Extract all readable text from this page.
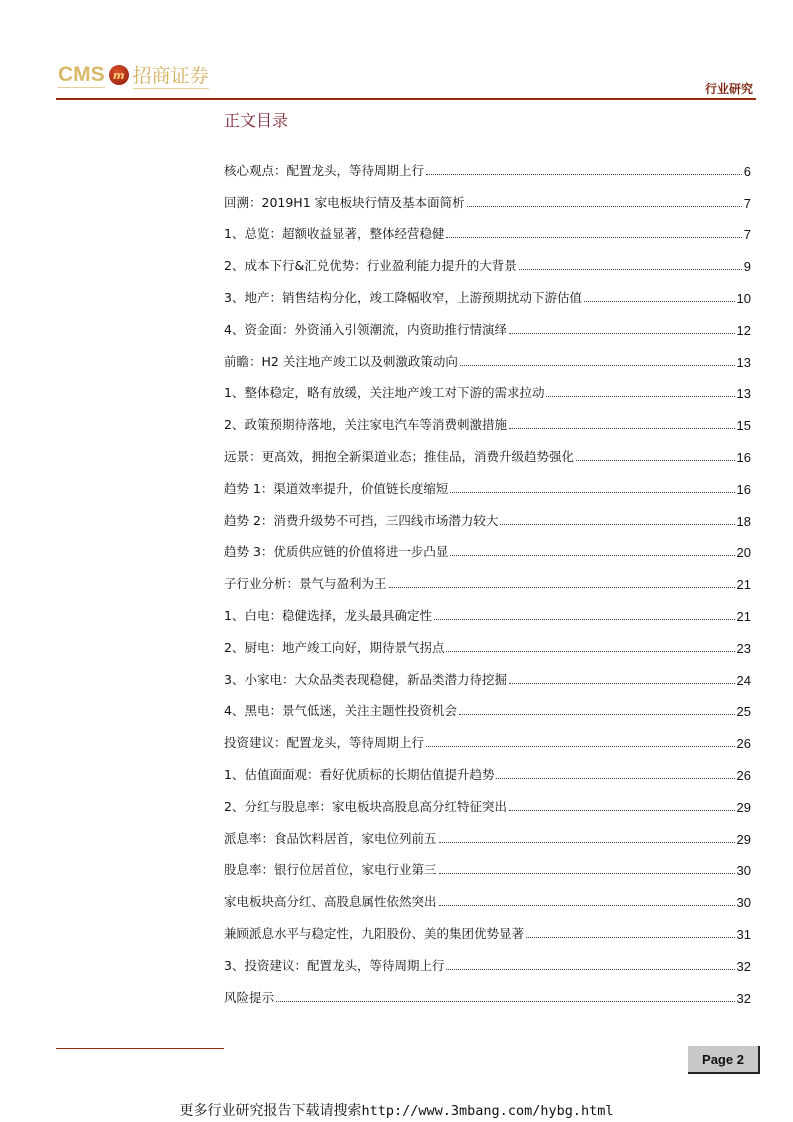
CMS m 招商证券
行业研究
正文目录
核心观点：配置龙头，等待周期上行	6
回溯：2019H1 家电板块行情及基本面简析	7
1、总览：超额收益显著，整体经营稳健	7
2、成本下行&汇兑优势：行业盈利能力提升的大背景	9
3、地产：销售结构分化，竣工降幅收窄，上游预期扰动下游估值	10
4、资金面：外资涌入引领潮流，内资助推行情演绎	12
前瞻：H2 关注地产竣工以及刺激政策动向	13
1、整体稳定，略有放缓，关注地产竣工对下游的需求拉动	13
2、政策预期待落地，关注家电汽车等消费刺激措施	15
远景：更高效，拥抱全新渠道业态；推佳品，消费升级趋势强化	16
趋势 1：渠道效率提升，价值链长度缩短	16
趋势 2：消费升级势不可挡，三四线市场潜力较大	18
趋势 3：优质供应链的价值将进一步凸显	20
子行业分析：景气与盈利为王	21
1、白电：稳健选择，龙头最具确定性	21
2、厨电：地产竣工向好，期待景气拐点	23
3、小家电：大众品类表现稳健，新品类潜力待挖掘	24
4、黑电：景气低迷，关注主题性投资机会	25
投资建议：配置龙头，等待周期上行	26
1、估值面面观：看好优质标的长期估值提升趋势	26
2、分红与股息率：家电板块高股息高分红特征突出	29
派息率：食品饮料居首，家电位列前五	29
股息率：银行位居首位，家电行业第三	30
家电板块高分红、高股息属性依然突出	30
兼顾派息水平与稳定性，九阳股份、美的集团优势显著	31
3、投资建议：配置龙头，等待周期上行	32
风险提示	32
Page 2
更多行业研究报告下载请搜索http://www.3mbang.com/hybg.html
